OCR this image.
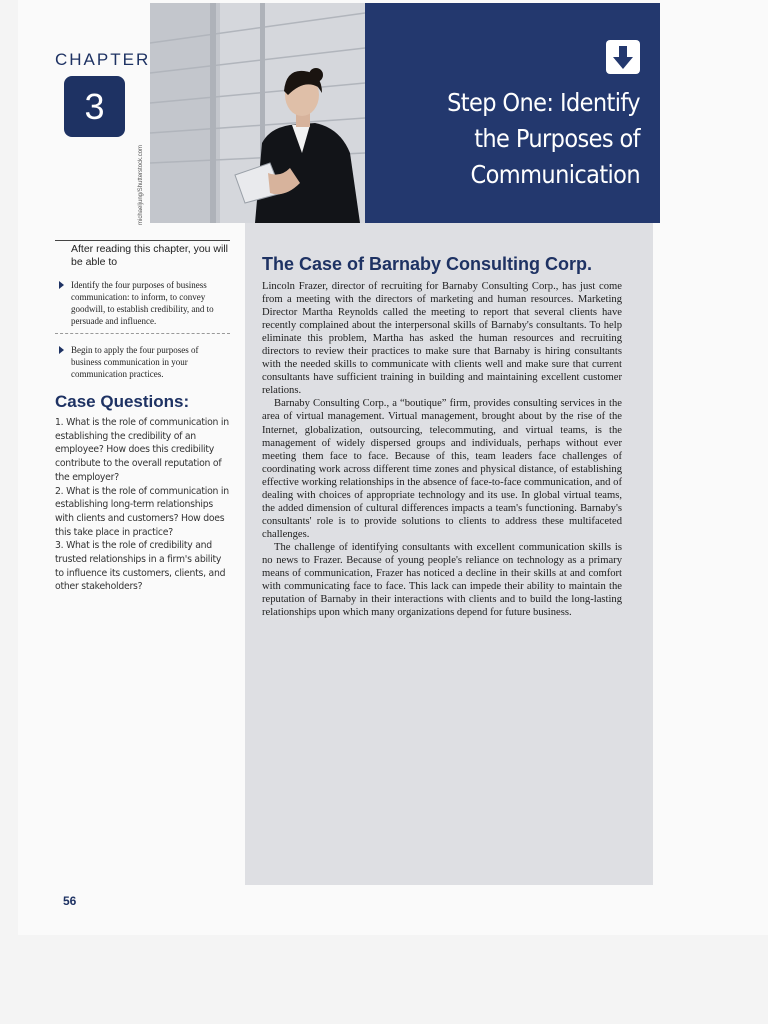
CHAPTER
3	Step One: Identify
the Purposes of
Communication

After reading this chapter, you will be able to

Identify the four purposes of business communication: to inform, to convey goodwill, to establish credibility, and to persuade and influence.
Begin to apply the four purposes of business communication in your communication practices.
Case Questions:

1. What is the role of communication in establishing the credibility of an employee? How does this credibility contribute to the overall reputation of the employer?

2. What is the role of communication in establishing long-term relationships with clients and customers? How does this take place in practice?

3. What is the role of credibility and trusted relationships in a firm's ability to influence its customers, clients, and other stakeholders?

The Case of Barnaby Consulting Corp.

Lincoln Frazer, director of recruiting for Barnaby Consulting Corp., has just come from a meeting with the directors of marketing and human resources. Marketing Director Martha Reynolds called the meeting to report that several clients have recently complained about the interpersonal skills of Barnaby's consultants. To help eliminate this problem, Martha has asked the human resources and recruiting directors to review their practices to make sure that Barnaby is hiring consultants with the needed skills to communicate with clients well and make sure that current consultants have sufficient training in building and maintaining excellent customer relations.

Barnaby Consulting Corp., a “boutique” firm, provides consulting services in the area of virtual management. Virtual management, brought about by the rise of the Internet, globalization, outsourcing, telecommuting, and virtual teams, is the management of widely dispersed groups and individuals, perhaps without ever meeting them face to face. Because of this, team leaders face challenges of coordinating work across different time zones and physical distance, of establishing effective working relationships in the absence of face-to-face communication, and of dealing with choices of appropriate technology and its use. In global virtual teams, the added dimension of cultural differences impacts a team's functioning. Barnaby's consultants' role is to provide solutions to clients to address these multifaceted challenges.

The challenge of identifying consultants with excellent communication skills is no news to Frazer. Because of young people's reliance on technology as a primary means of communication, Frazer has noticed a decline in their skills at and comfort with communicating face to face. This lack can impede their ability to maintain the reputation of Barnaby in their interactions with clients and to build the long-lasting relationships upon which many organizations depend for future business.

56
